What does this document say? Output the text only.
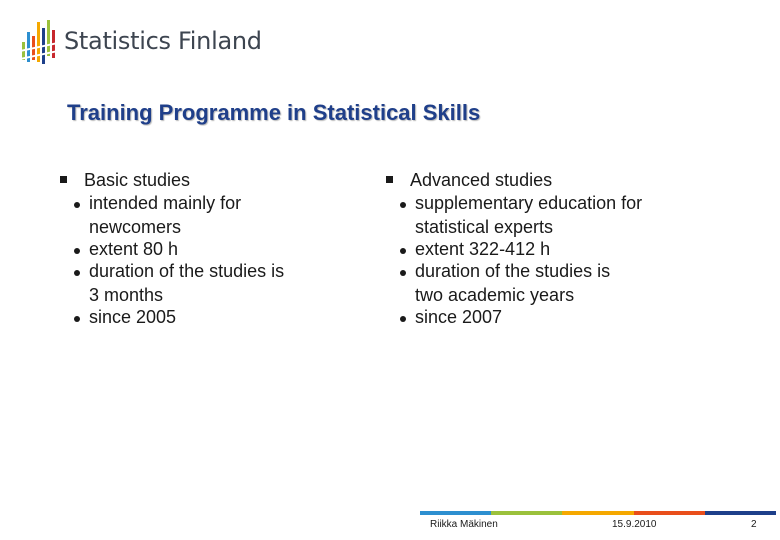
Statistics Finland
Training Programme in Statistical Skills
Basic studies
intended mainly for
newcomers
extent 80 h
duration of the studies is
3 months
since 2005
Advanced studies
supplementary education for
statistical experts
extent 322-412 h
duration of the studies is
two academic years
since 2007
Riikka Mäkinen	15.9.2010	2
